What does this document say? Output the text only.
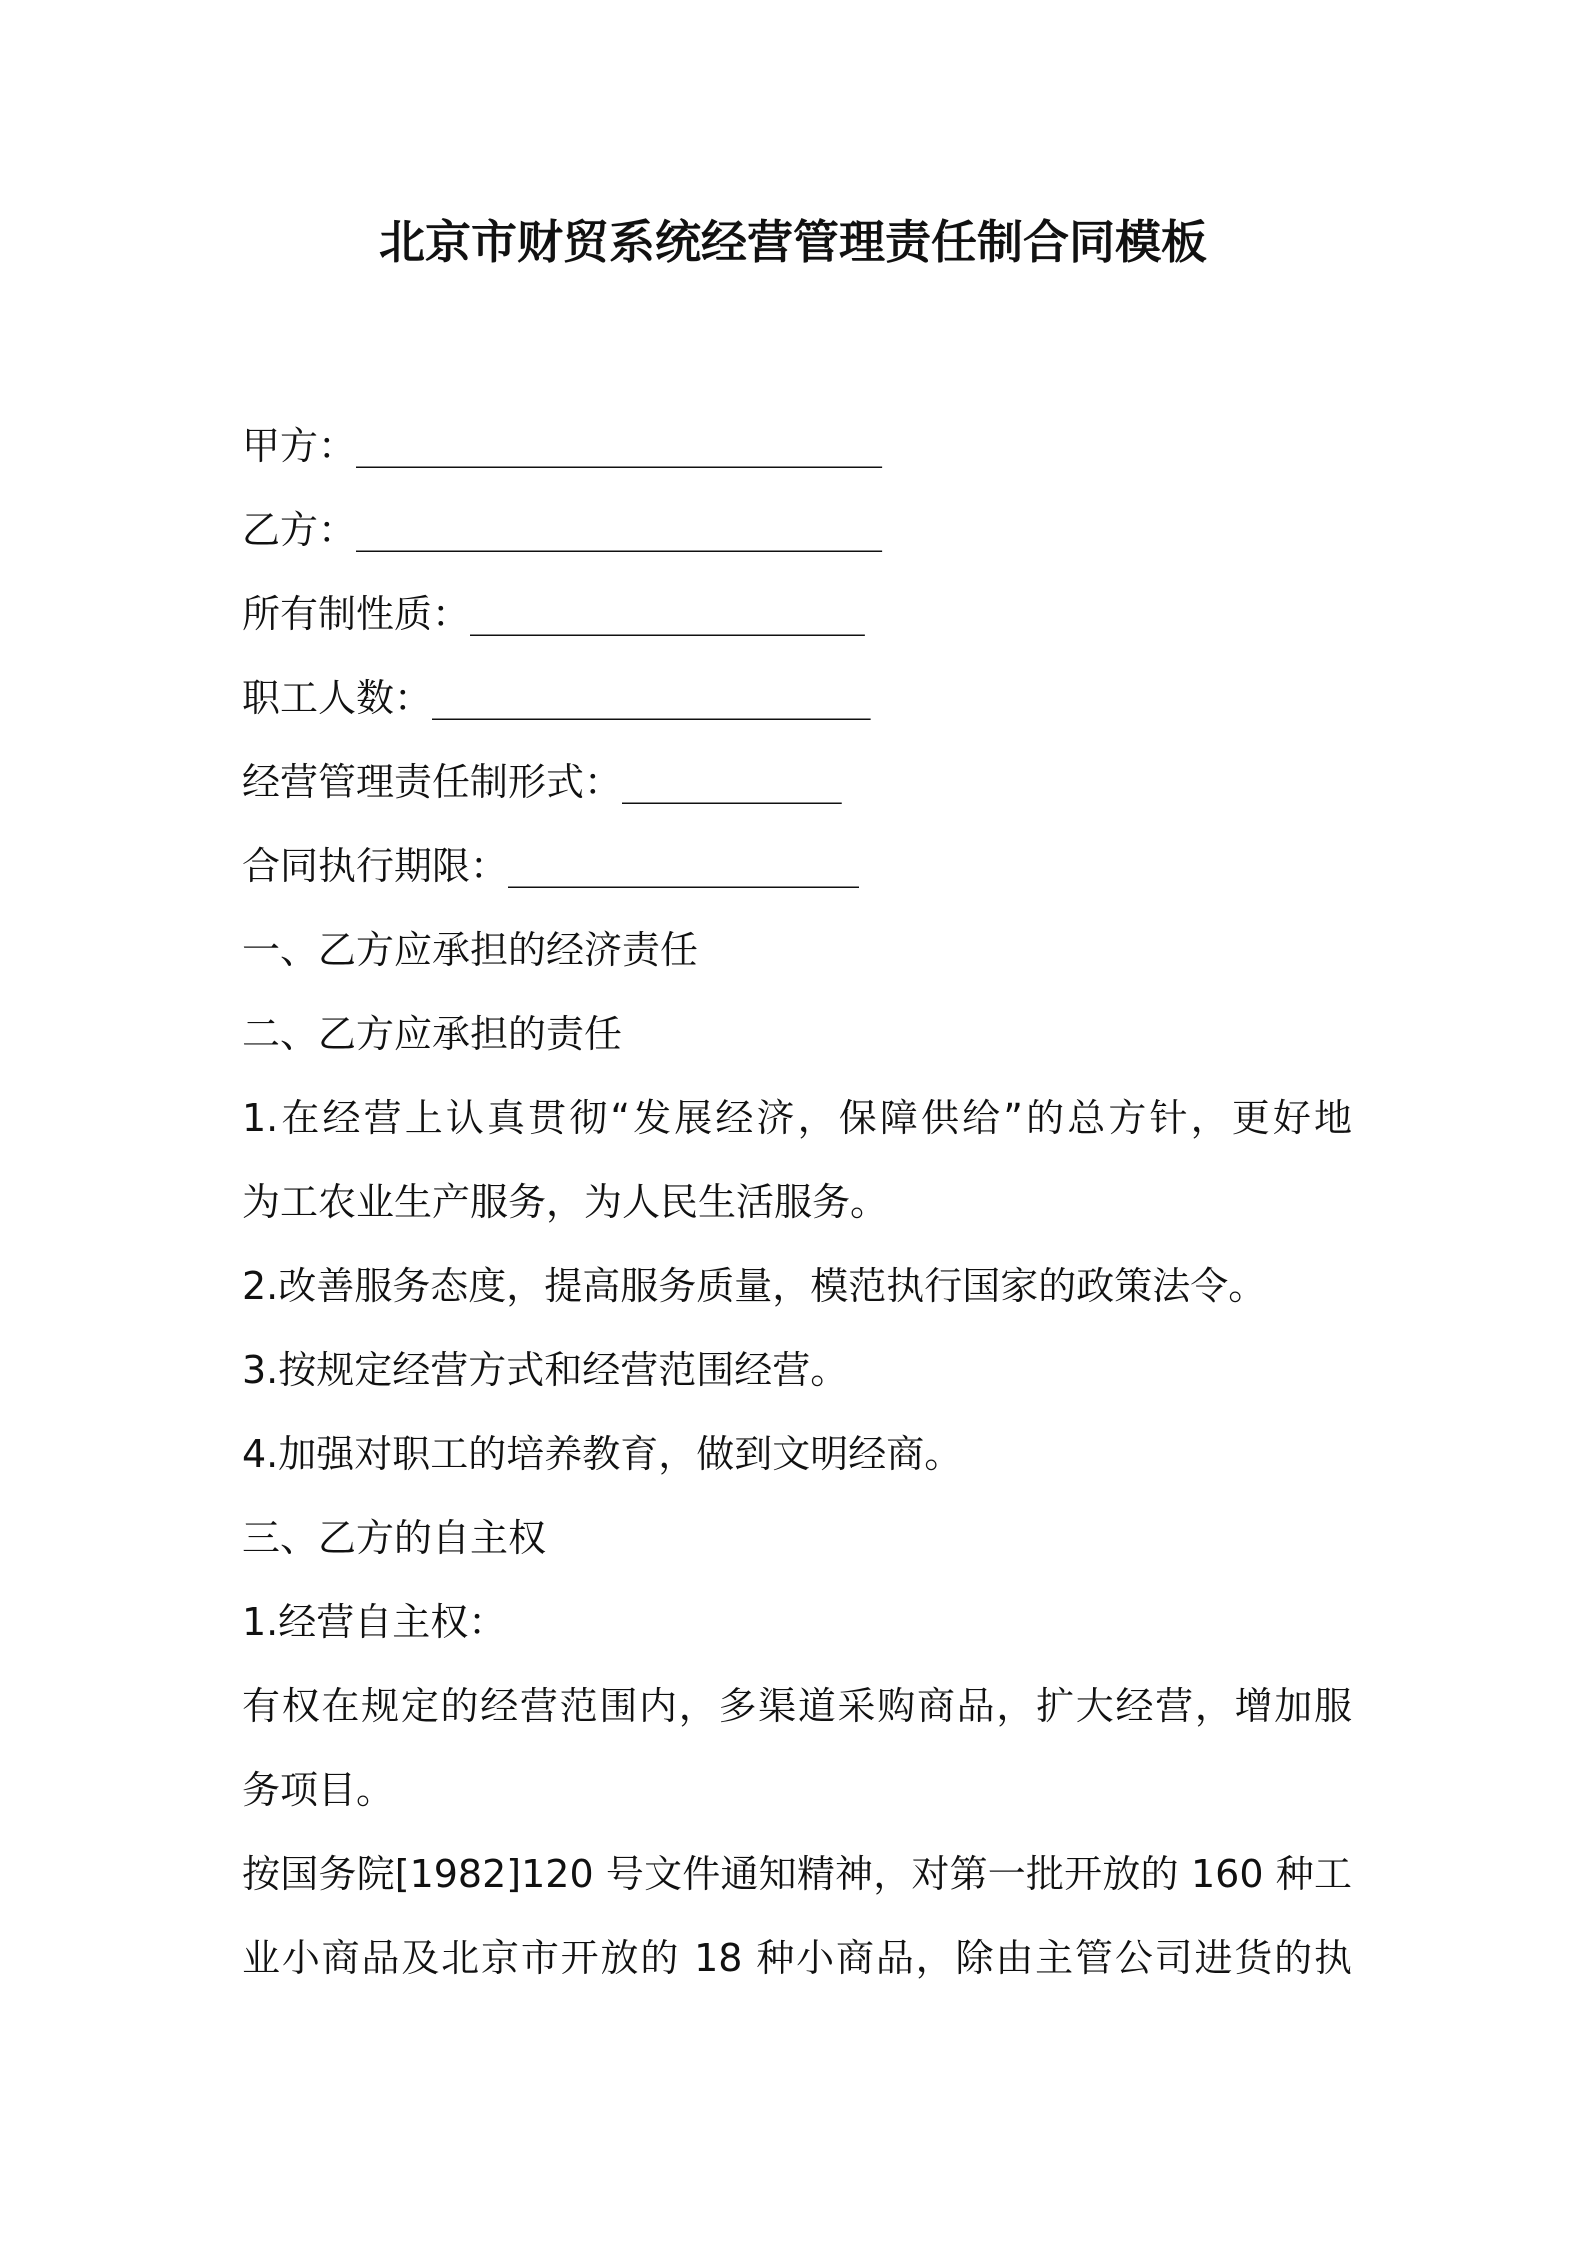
北京市财贸系统经营管理责任制合同模板
甲方：________________________
乙方：________________________
所有制性质：__________________
职工人数：____________________
经营管理责任制形式：__________
合同执行期限：________________
一、乙方应承担的经济责任
二、乙方应承担的责任
1.在经营上认真贯彻“发展经济，保障供给”的总方针，更好地
为工农业生产服务，为人民生活服务。
2.改善服务态度，提高服务质量，模范执行国家的政策法令。
3.按规定经营方式和经营范围经营。
4.加强对职工的培养教育，做到文明经商。
三、乙方的自主权
1.经营自主权：
有权在规定的经营范围内，多渠道采购商品，扩大经营，增加服
务项目。
按国务院[1982]120 号文件通知精神，对第一批开放的 160 种工
业小商品及北京市开放的 18 种小商品，除由主管公司进货的执
